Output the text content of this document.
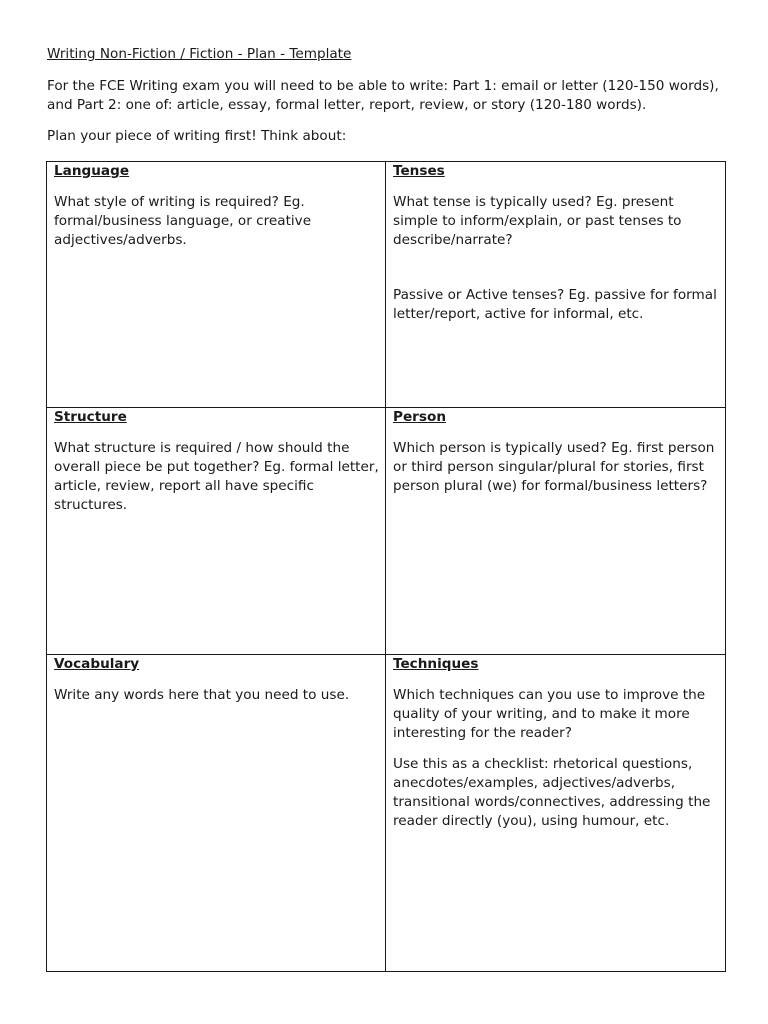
Writing Non-Fiction / Fiction - Plan - Template

For the FCE Writing exam you will need to be able to write: Part 1: email or letter (120-150 words), and Part 2: one of: article, essay, formal letter, report, review, or story (120-180 words).

Plan your piece of writing first! Think about:

Language

What style of writing is required? Eg. formal/business language, or creative adjectives/adverbs.

Tenses

What tense is typically used? Eg. present simple to inform/explain, or past tenses to describe/narrate?

Passive or Active tenses? Eg. passive for formal letter/report, active for informal, etc.

Structure

What structure is required / how should the overall piece be put together? Eg. formal letter, article, review, report all have specific structures.

Person

Which person is typically used? Eg. first person or third person singular/plural for stories, first person plural (we) for formal/business letters?

Vocabulary

Write any words here that you need to use.

Techniques

Which techniques can you use to improve the quality of your writing, and to make it more interesting for the reader?

Use this as a checklist: rhetorical questions, anecdotes/examples, adjectives/adverbs, transitional words/connectives, addressing the reader directly (you), using humour, etc.
